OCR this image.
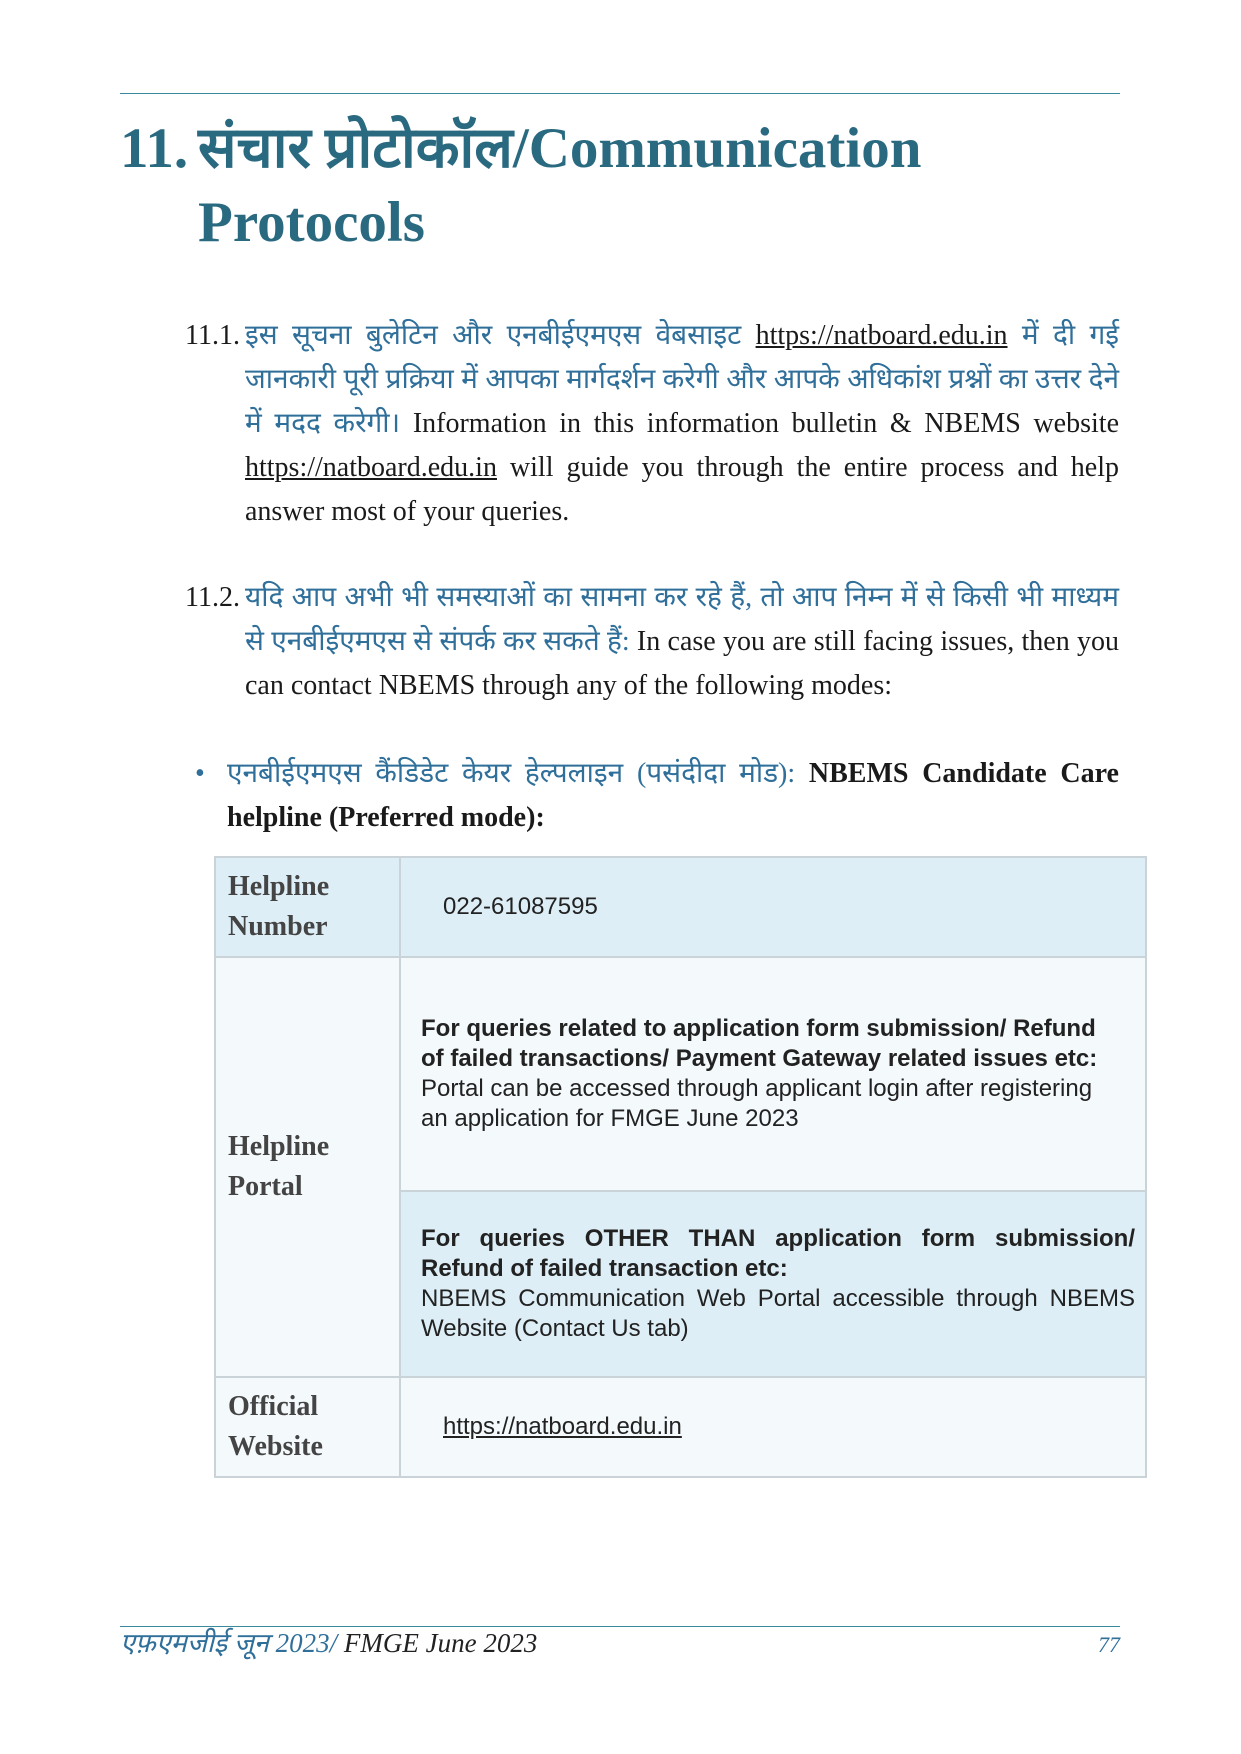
11. संचार प्रोटोकॉल/Communication
Protocols
11.1. इस सूचना बुलेटिन और एनबीईएमएस वेबसाइट https://natboard.edu.in में दी गई जानकारी पूरी प्रक्रिया में आपका मार्गदर्शन करेगी और आपके अधिकांश प्रश्नों का उत्तर देने में मदद करेगी। Information in this information bulletin & NBEMS website https://natboard.edu.in will guide you through the entire process and help answer most of your queries.
11.2. यदि आप अभी भी समस्याओं का सामना कर रहे हैं, तो आप निम्न में से किसी भी माध्यम से एनबीईएमएस से संपर्क कर सकते हैं: In case you are still facing issues, then you can contact NBEMS through any of the following modes:
• एनबीईएमएस कैंडिडेट केयर हेल्पलाइन (पसंदीदा मोड): NBEMS Candidate Care helpline (Preferred mode):
Helpline
Number	022-61087595
Helpline
Portal	For queries related to application form submission/ Refund of failed transactions/ Payment Gateway related issues etc:
Portal can be accessed through applicant login after registering an application for FMGE June 2023
	For queries OTHER THAN application form submission/ Refund of failed transaction etc:
NBEMS Communication Web Portal accessible through NBEMS Website (Contact Us tab)
Official
Website	https://natboard.edu.in
एफ़एमजीई जून 2023/ FMGE June 2023	77
